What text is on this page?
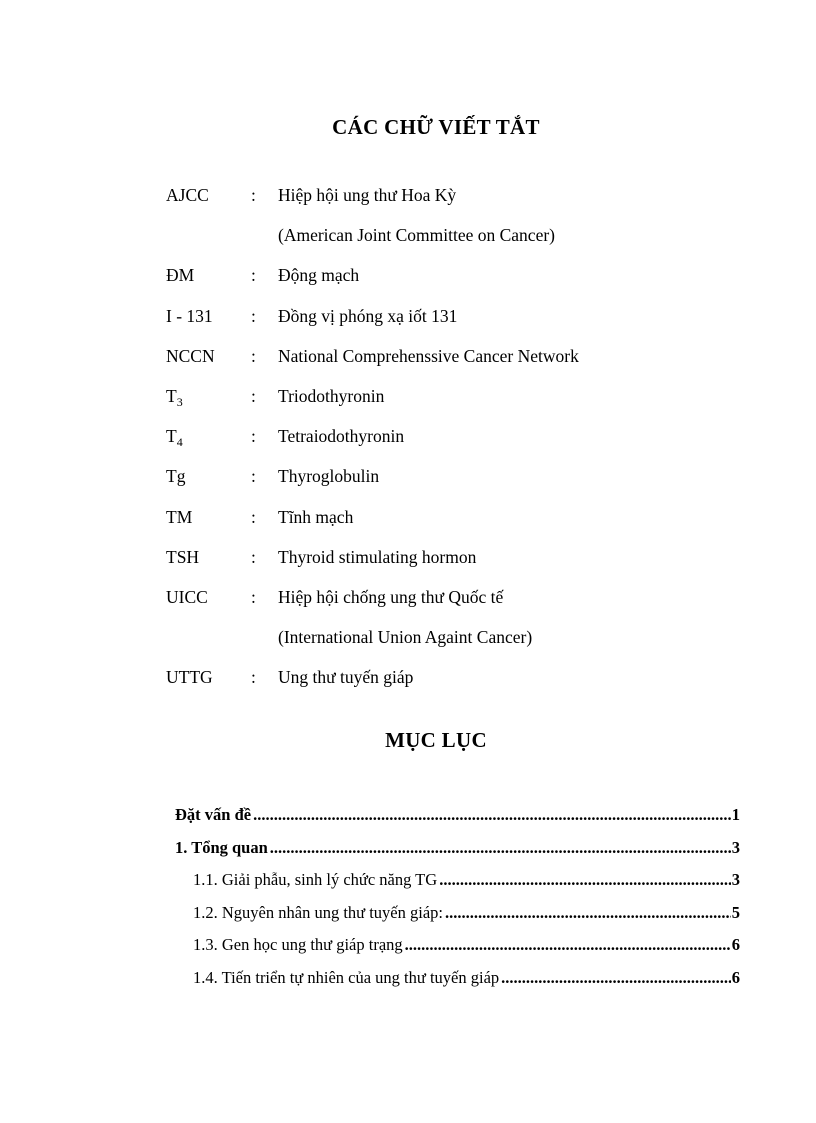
CÁC CHỮ VIẾT TẮT
AJCC : Hiệp hội ung thư Hoa Kỳ
(American Joint Committee on Cancer)
ĐM	: Động mạch
I - 131 : Đồng vị phóng xạ iốt 131
NCCN : National Comprehenssive Cancer Network
$T_3$	: Triodothyronin
$T_4$	: Tetraiodothyronin
Tg	: Thyroglobulin
TM	: Tĩnh mạch
TSH	: Thyroid stimulating hormon
UICC : Hiệp hội chống ung thư Quốc tế
(International Union Againt Cancer)
UTTG : Ung thư tuyến giáp
MỤC LỤC
Đặt vấn đề .....	1
1. Tổng quan .....	3
1.1. Giải phẫu, sinh lý chức năng TG .....	3
1.2. Nguyên nhân ung thư tuyến giáp: .....	5
1.3. Gen học ung thư giáp trạng .....	6
1.4. Tiến triển tự nhiên của ung thư tuyến giáp .....	6
